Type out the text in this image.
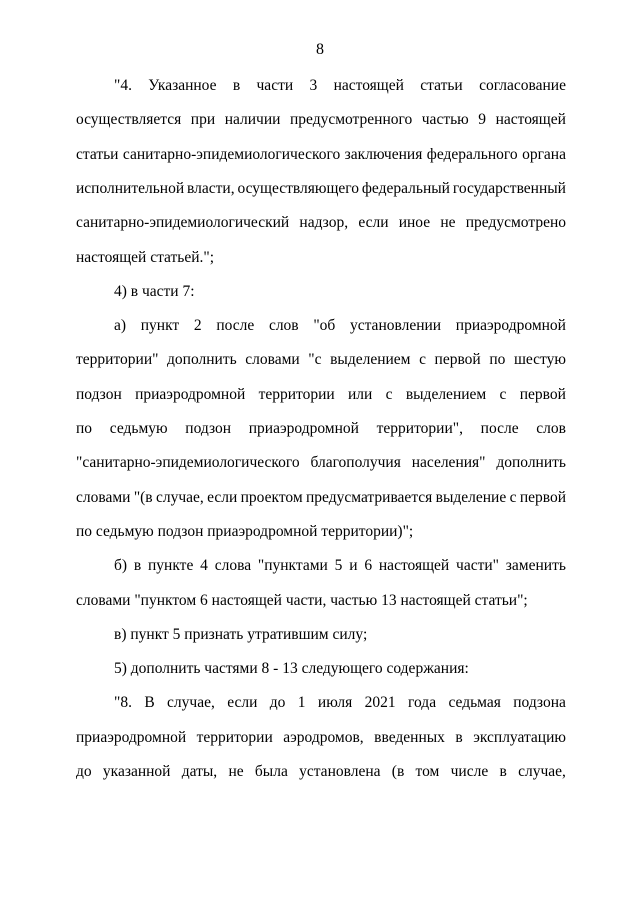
8
"4. Указанное в части 3 настоящей статьи согласование
осуществляется при наличии предусмотренного частью 9 настоящей
статьи санитарно-эпидемиологического заключения федерального органа
исполнительной власти, осуществляющего федеральный государственный
санитарно-эпидемиологический надзор, если иное не предусмотрено
настоящей статьей.";
4) в части 7:
а) пункт 2 после слов "об установлении приаэродромной
территории" дополнить словами "с выделением с первой по шестую
подзон приаэродромной территории или с выделением с первой
по седьмую подзон приаэродромной территории", после слов
"санитарно-эпидемиологического благополучия населения" дополнить
словами "(в случае, если проектом предусматривается выделение с первой
по седьмую подзон приаэродромной территории)";
б) в пункте 4 слова "пунктами 5 и 6 настоящей части" заменить
словами "пунктом 6 настоящей части, частью 13 настоящей статьи";
в) пункт 5 признать утратившим силу;
5) дополнить частями 8 - 13 следующего содержания:
"8. В случае, если до 1 июля 2021 года седьмая подзона
приаэродромной территории аэродромов, введенных в эксплуатацию
до указанной даты, не была установлена (в том числе в случае,
